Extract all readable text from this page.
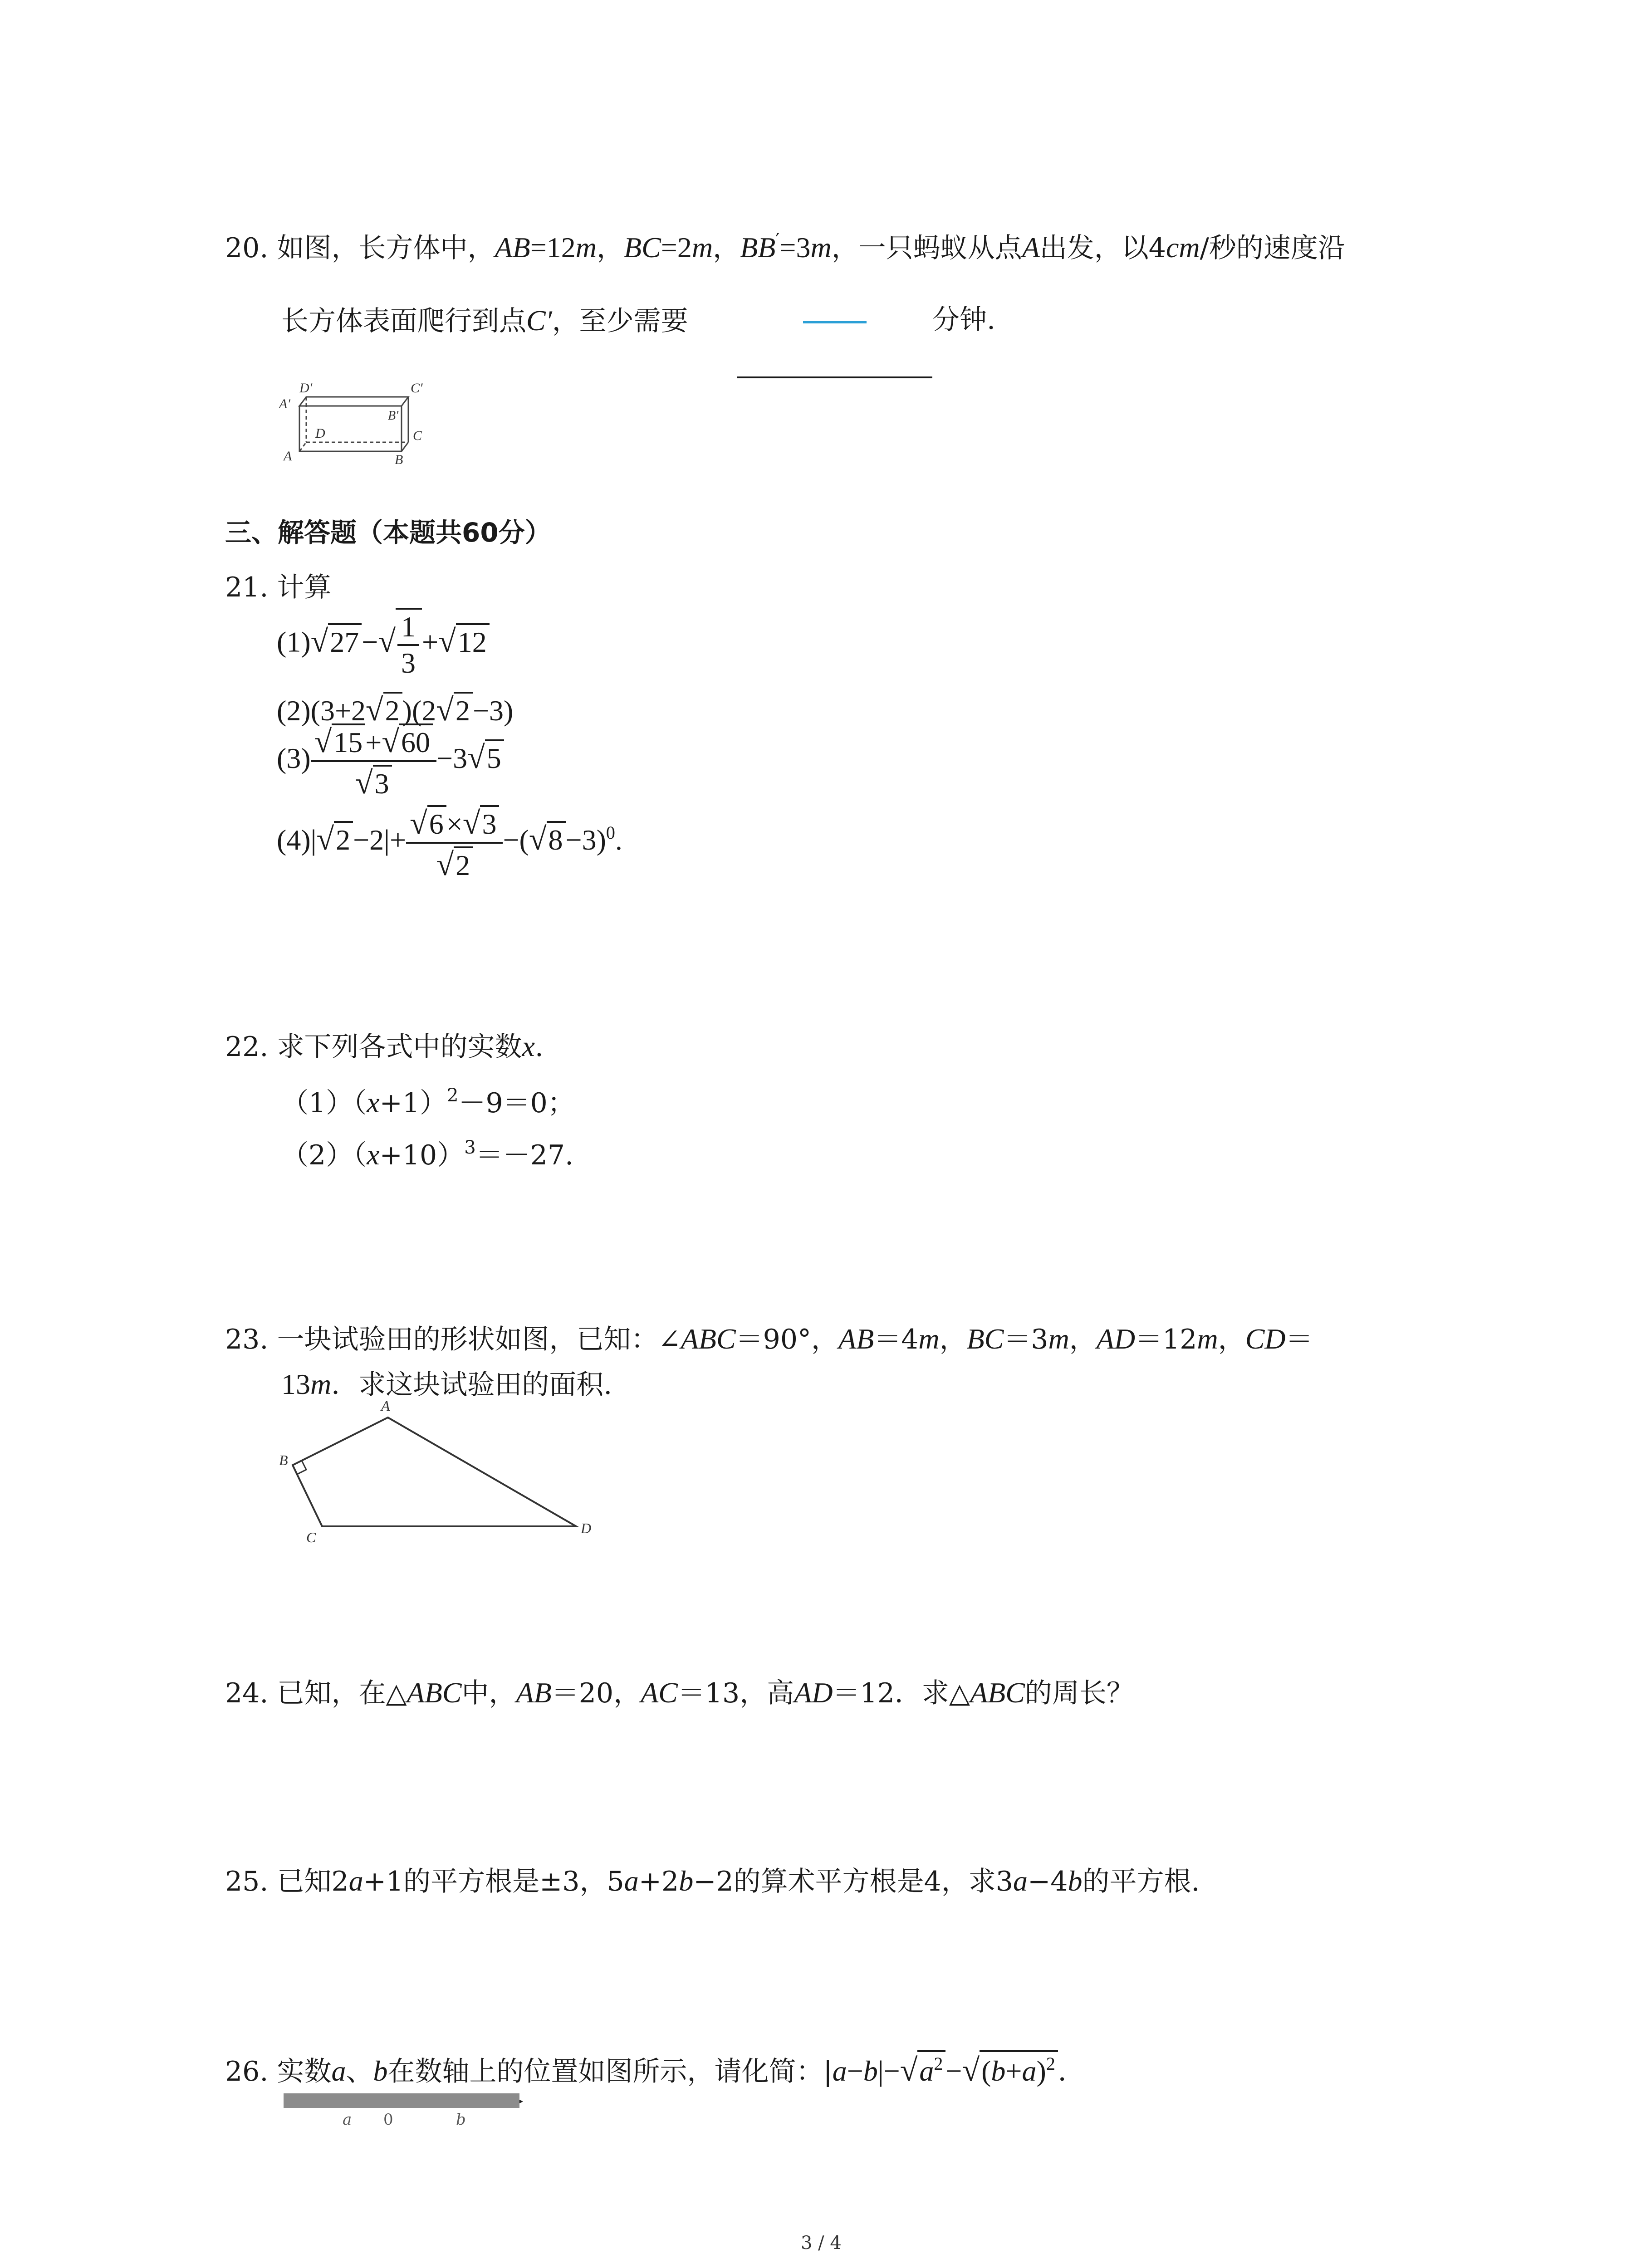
20. 如图，长方体中，AB=12m，BC=2m，BB′=3m，一只蚂蚁从点A出发，以4cm/秒的速度沿
长方体表面爬行到点C′，至少需要	分钟.
D′	C′
A′
B′
D	C
A	B
三、解答题（本题共60分）
21. 计算
$(1)√27-√ \frac{1}{3} +√12$
(2)(3+2√2)(2√2−3)
$(3) \frac{√15+√60}{√3} -3√5$
$(4)|√2-2|+ \frac{√6\times√3}{√2} -(√8-3)^0$.
22. 求下列各式中的实数x.
$(1)(x+1)^2-9=0$；
$(2)(x+10)^3=-27$.
23. 一块试验田的形状如图，已知：∠ABC＝90°，AB＝4m，BC＝3m，AD＝12m，CD＝
13m．求这块试验田的面积.
A
B
C
D
24. 已知，在△ABC中，AB＝20，AC＝13，高AD＝12．求△ABC的周长？
25. 已知2a+1的平方根是±3，5a+2b−2的算术平方根是4，求3a−4b的平方根.
26. 实数a、b在数轴上的位置如图所示，请化简：$|a-b|-√a^2-√(b+a)^2$ ．
a 0	b
3 / 4
